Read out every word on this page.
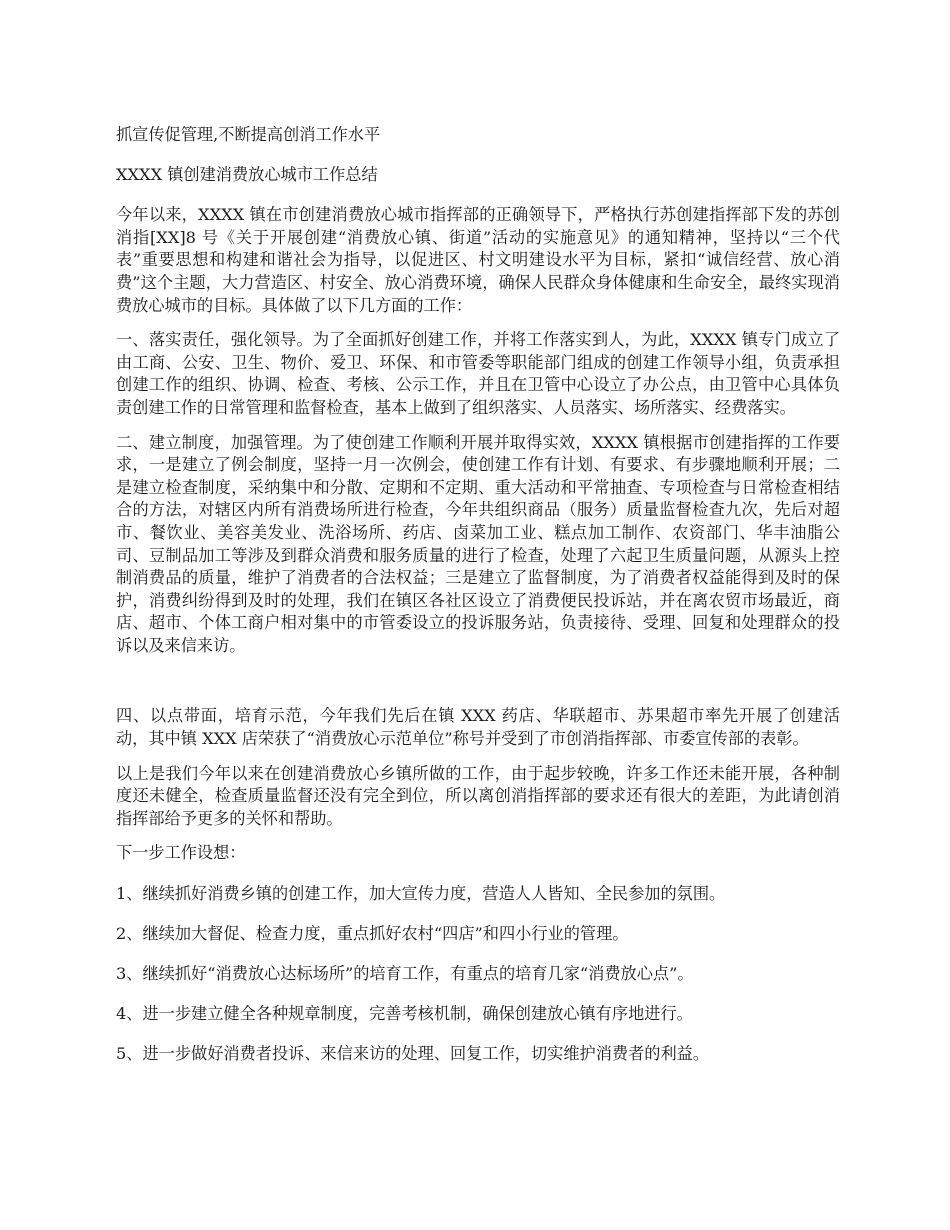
抓宣传促管理,不断提高创消工作水平

XXXX 镇创建消费放心城市工作总结

今年以来，XXXX 镇在市创建消费放心城市指挥部的正确领导下，严格执行苏创建指挥部下发的苏创消指[XX]8 号《关于开展创建“消费放心镇、街道”活动的实施意见》的通知精神，坚持以“三个代表”重要思想和构建和谐社会为指导，以促进区、村文明建设水平为目标，紧扣“诚信经营、放心消费”这个主题，大力营造区、村安全、放心消费环境，确保人民群众身体健康和生命安全，最终实现消费放心城市的目标。具体做了以下几方面的工作：

一、落实责任，强化领导。为了全面抓好创建工作，并将工作落实到人，为此，XXXX 镇专门成立了由工商、公安、卫生、物价、爱卫、环保、和市管委等职能部门组成的创建工作领导小组，负责承担创建工作的组织、协调、检查、考核、公示工作，并且在卫管中心设立了办公点，由卫管中心具体负责创建工作的日常管理和监督检查，基本上做到了组织落实、人员落实、场所落实、经费落实。

二、建立制度，加强管理。为了使创建工作顺利开展并取得实效，XXXX 镇根据市创建指挥的工作要求，一是建立了例会制度，坚持一月一次例会，使创建工作有计划、有要求、有步骤地顺利开展；二是建立检查制度，采纳集中和分散、定期和不定期、重大活动和平常抽查、专项检查与日常检查相结合的方法，对辖区内所有消费场所进行检查，今年共组织商品（服务）质量监督检查九次，先后对超市、餐饮业、美容美发业、洗浴场所、药店、卤菜加工业、糕点加工制作、农资部门、华丰油脂公司、豆制品加工等涉及到群众消费和服务质量的进行了检查，处理了六起卫生质量问题，从源头上控制消费品的质量，维护了消费者的合法权益；三是建立了监督制度，为了消费者权益能得到及时的保护，消费纠纷得到及时的处理，我们在镇区各社区设立了消费便民投诉站，并在离农贸市场最近，商店、超市、个体工商户相对集中的市管委设立的投诉服务站，负责接待、受理、回复和处理群众的投诉以及来信来访。

四、以点带面，培育示范，今年我们先后在镇 XXX 药店、华联超市、苏果超市率先开展了创建活动，其中镇 XXX 店荣获了“消费放心示范单位”称号并受到了市创消指挥部、市委宣传部的表彰。

以上是我们今年以来在创建消费放心乡镇所做的工作，由于起步较晚，许多工作还未能开展，各种制度还未健全，检查质量监督还没有完全到位，所以离创消指挥部的要求还有很大的差距，为此请创消指挥部给予更多的关怀和帮助。

下一步工作设想：

1、继续抓好消费乡镇的创建工作，加大宣传力度，营造人人皆知、全民参加的氛围。

2、继续加大督促、检查力度，重点抓好农村“四店”和四小行业的管理。

3、继续抓好“消费放心达标场所”的培育工作，有重点的培育几家“消费放心点”。

4、进一步建立健全各种规章制度，完善考核机制，确保创建放心镇有序地进行。

5、进一步做好消费者投诉、来信来访的处理、回复工作，切实维护消费者的利益。
